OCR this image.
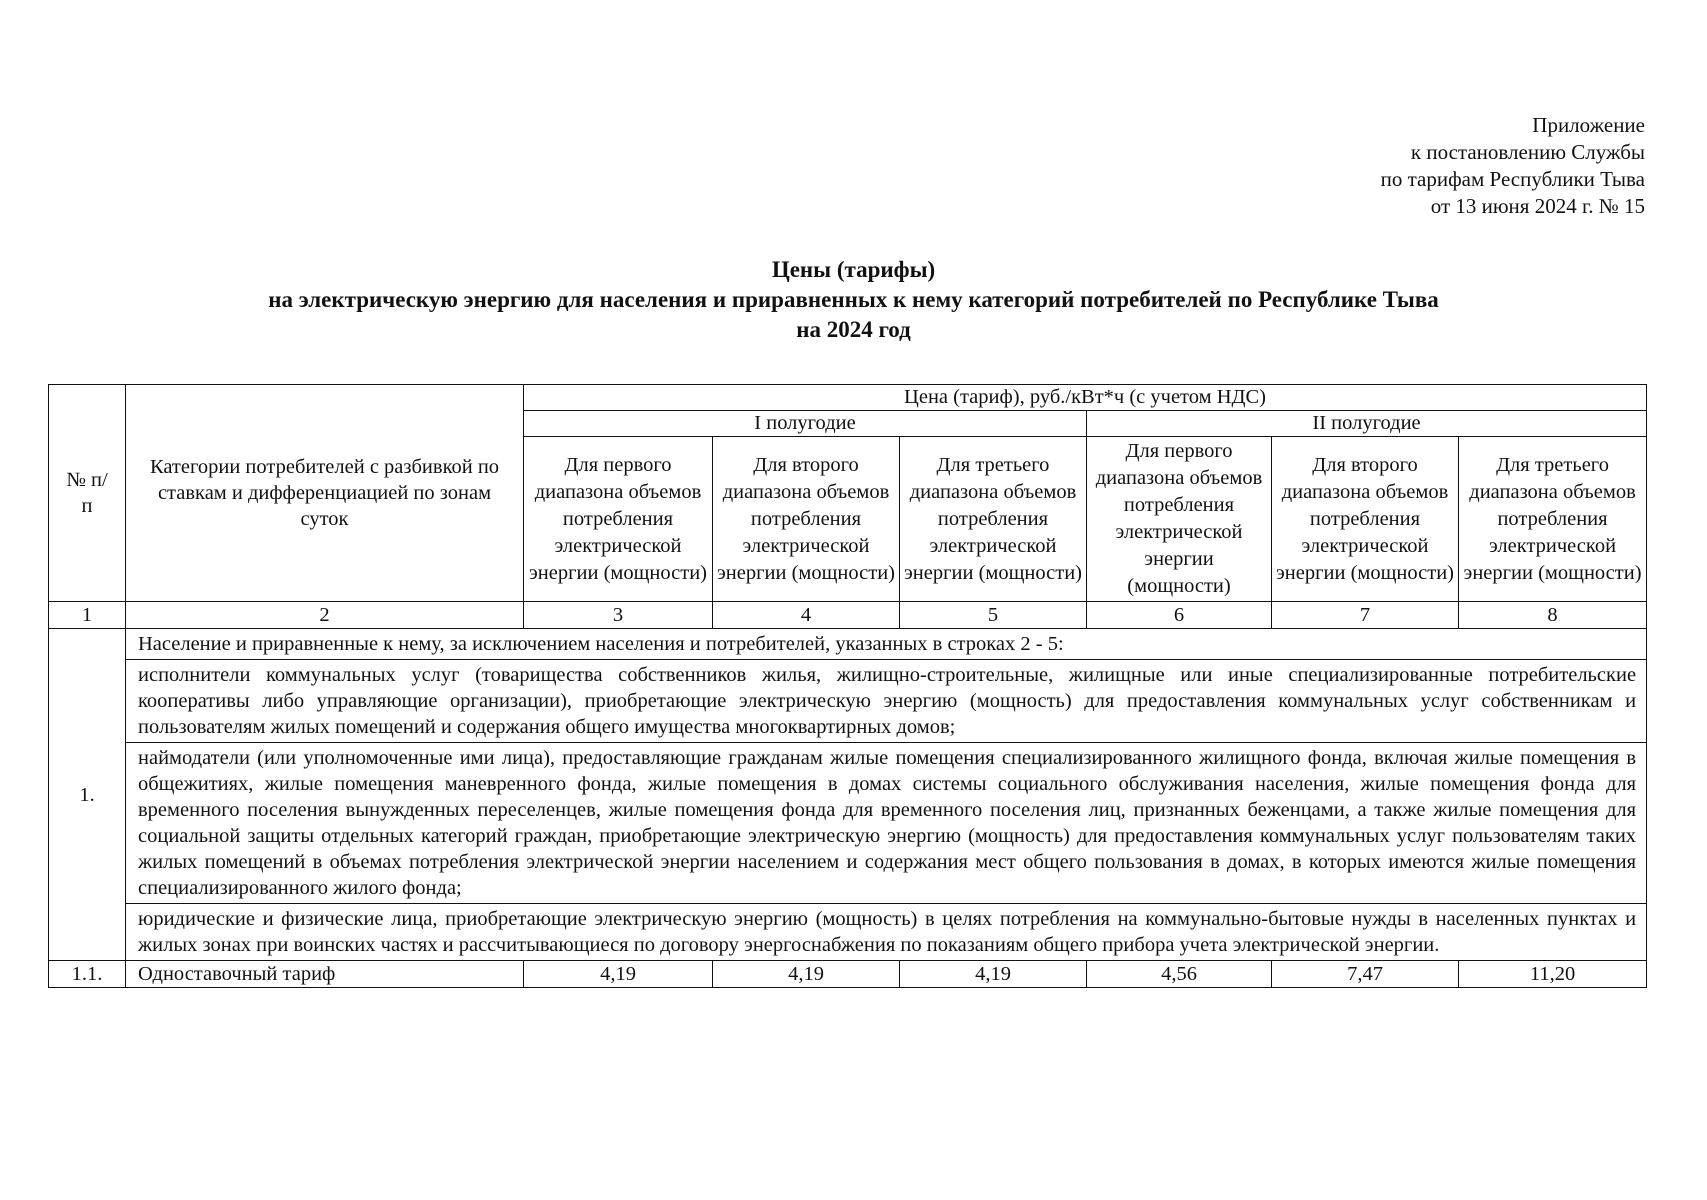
Приложение
к постановлению Службы
по тарифам Республики Тыва
от 13 июня 2024 г. № 15
Цены (тарифы)
на электрическую энергию для населения и приравненных к нему категорий потребителей по Республике Тыва
на 2024 год
№ п/п	Категории потребителей с разбивкой по ставкам и дифференциацией по зонам суток	Цена (тариф), руб./кВт*ч (с учетом НДС)					
		I полугодие			II полугодие		
		Для первого диапазона объемов потребления электрической энергии (мощности)	Для второго диапазона объемов потребления электрической энергии (мощности)	Для третьего диапазона объемов потребления электрической энергии (мощности)	Для первого диапазона объемов потребления электрической энергии (мощности)	Для второго диапазона объемов потребления электрической энергии (мощности)	Для третьего диапазона объемов потребления электрической энергии (мощности)
1	2	3	4	5	6	7	8
1.	Население и приравненные к нему, за исключением населения и потребителей, указанных в строках 2 - 5:						
	исполнители коммунальных услуг (товарищества собственников жилья, жилищно-строительные, жилищные или иные специализированные потребительские кооперативы либо управляющие организации), приобретающие электрическую энергию (мощность) для предоставления коммунальных услуг собственникам и пользователям жилых помещений и содержания общего имущества многоквартирных домов;						
	наймодатели (или уполномоченные ими лица), предоставляющие гражданам жилые помещения специализированного жилищного фонда, включая жилые помещения в общежитиях, жилые помещения маневренного фонда, жилые помещения в домах системы социального обслуживания населения, жилые помещения фонда для временного поселения вынужденных переселенцев, жилые помещения фонда для временного поселения лиц, признанных беженцами, а также жилые помещения для социальной защиты отдельных категорий граждан, приобретающие электрическую энергию (мощность) для предоставления коммунальных услуг пользователям таких жилых помещений в объемах потребления электрической энергии населением и содержания мест общего пользования в домах, в которых имеются жилые помещения специализированного жилого фонда;						
	юридические и физические лица, приобретающие электрическую энергию (мощность) в целях потребления на коммунально-бытовые нужды в населенных пунктах и жилых зонах при воинских частях и рассчитывающиеся по договору энергоснабжения по показаниям общего прибора учета электрической энергии.						
1.1.	Одноставочный тариф	4,19	4,19	4,19	4,56	7,47	11,20
